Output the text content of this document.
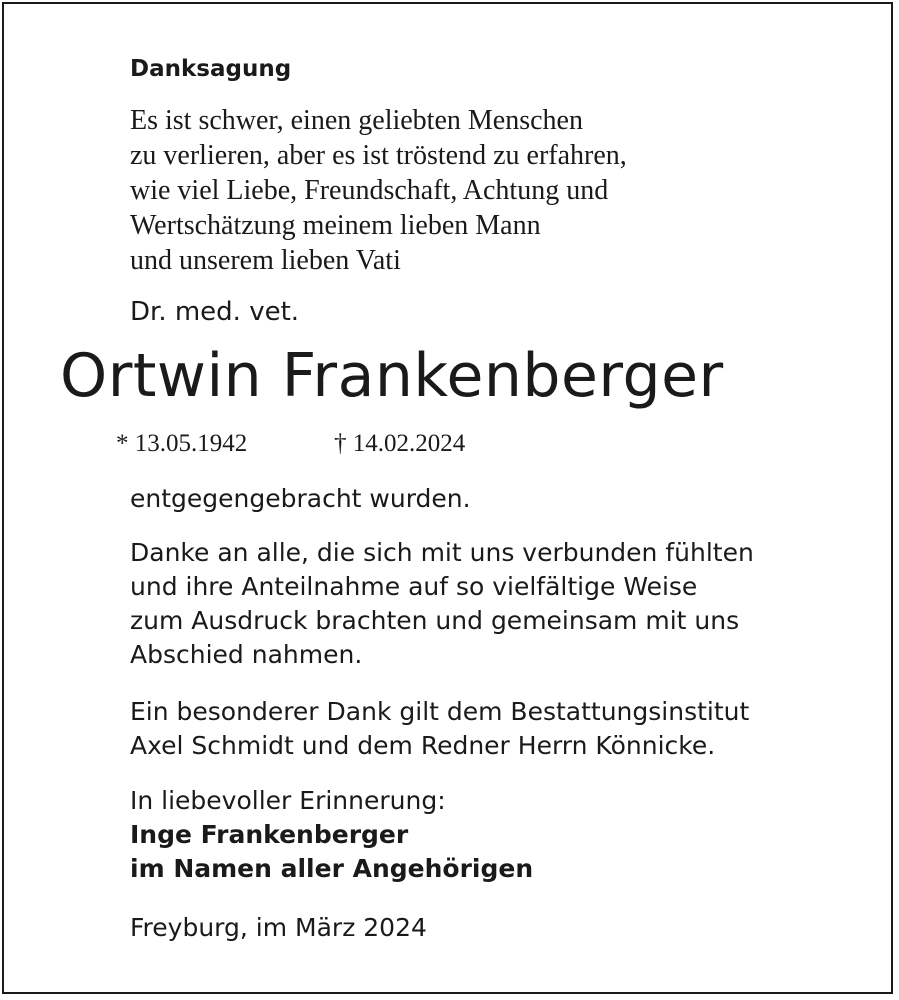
Danksagung
Es ist schwer, einen geliebten Menschen
zu verlieren, aber es ist tröstend zu erfahren,
wie viel Liebe, Freundschaft, Achtung und
Wertschätzung meinem lieben Mann
und unserem lieben Vati
Dr. med. vet.
Ortwin Frankenberger
* 13.05.1942	† 14.02.2024
entgegengebracht wurden.
Danke an alle, die sich mit uns verbunden fühlten
und ihre Anteilnahme auf so vielfältige Weise
zum Ausdruck brachten und gemeinsam mit uns
Abschied nahmen.
Ein besonderer Dank gilt dem Bestattungsinstitut
Axel Schmidt und dem Redner Herrn Könnicke.
In liebevoller Erinnerung:
Inge Frankenberger
im Namen aller Angehörigen
Freyburg, im März 2024
